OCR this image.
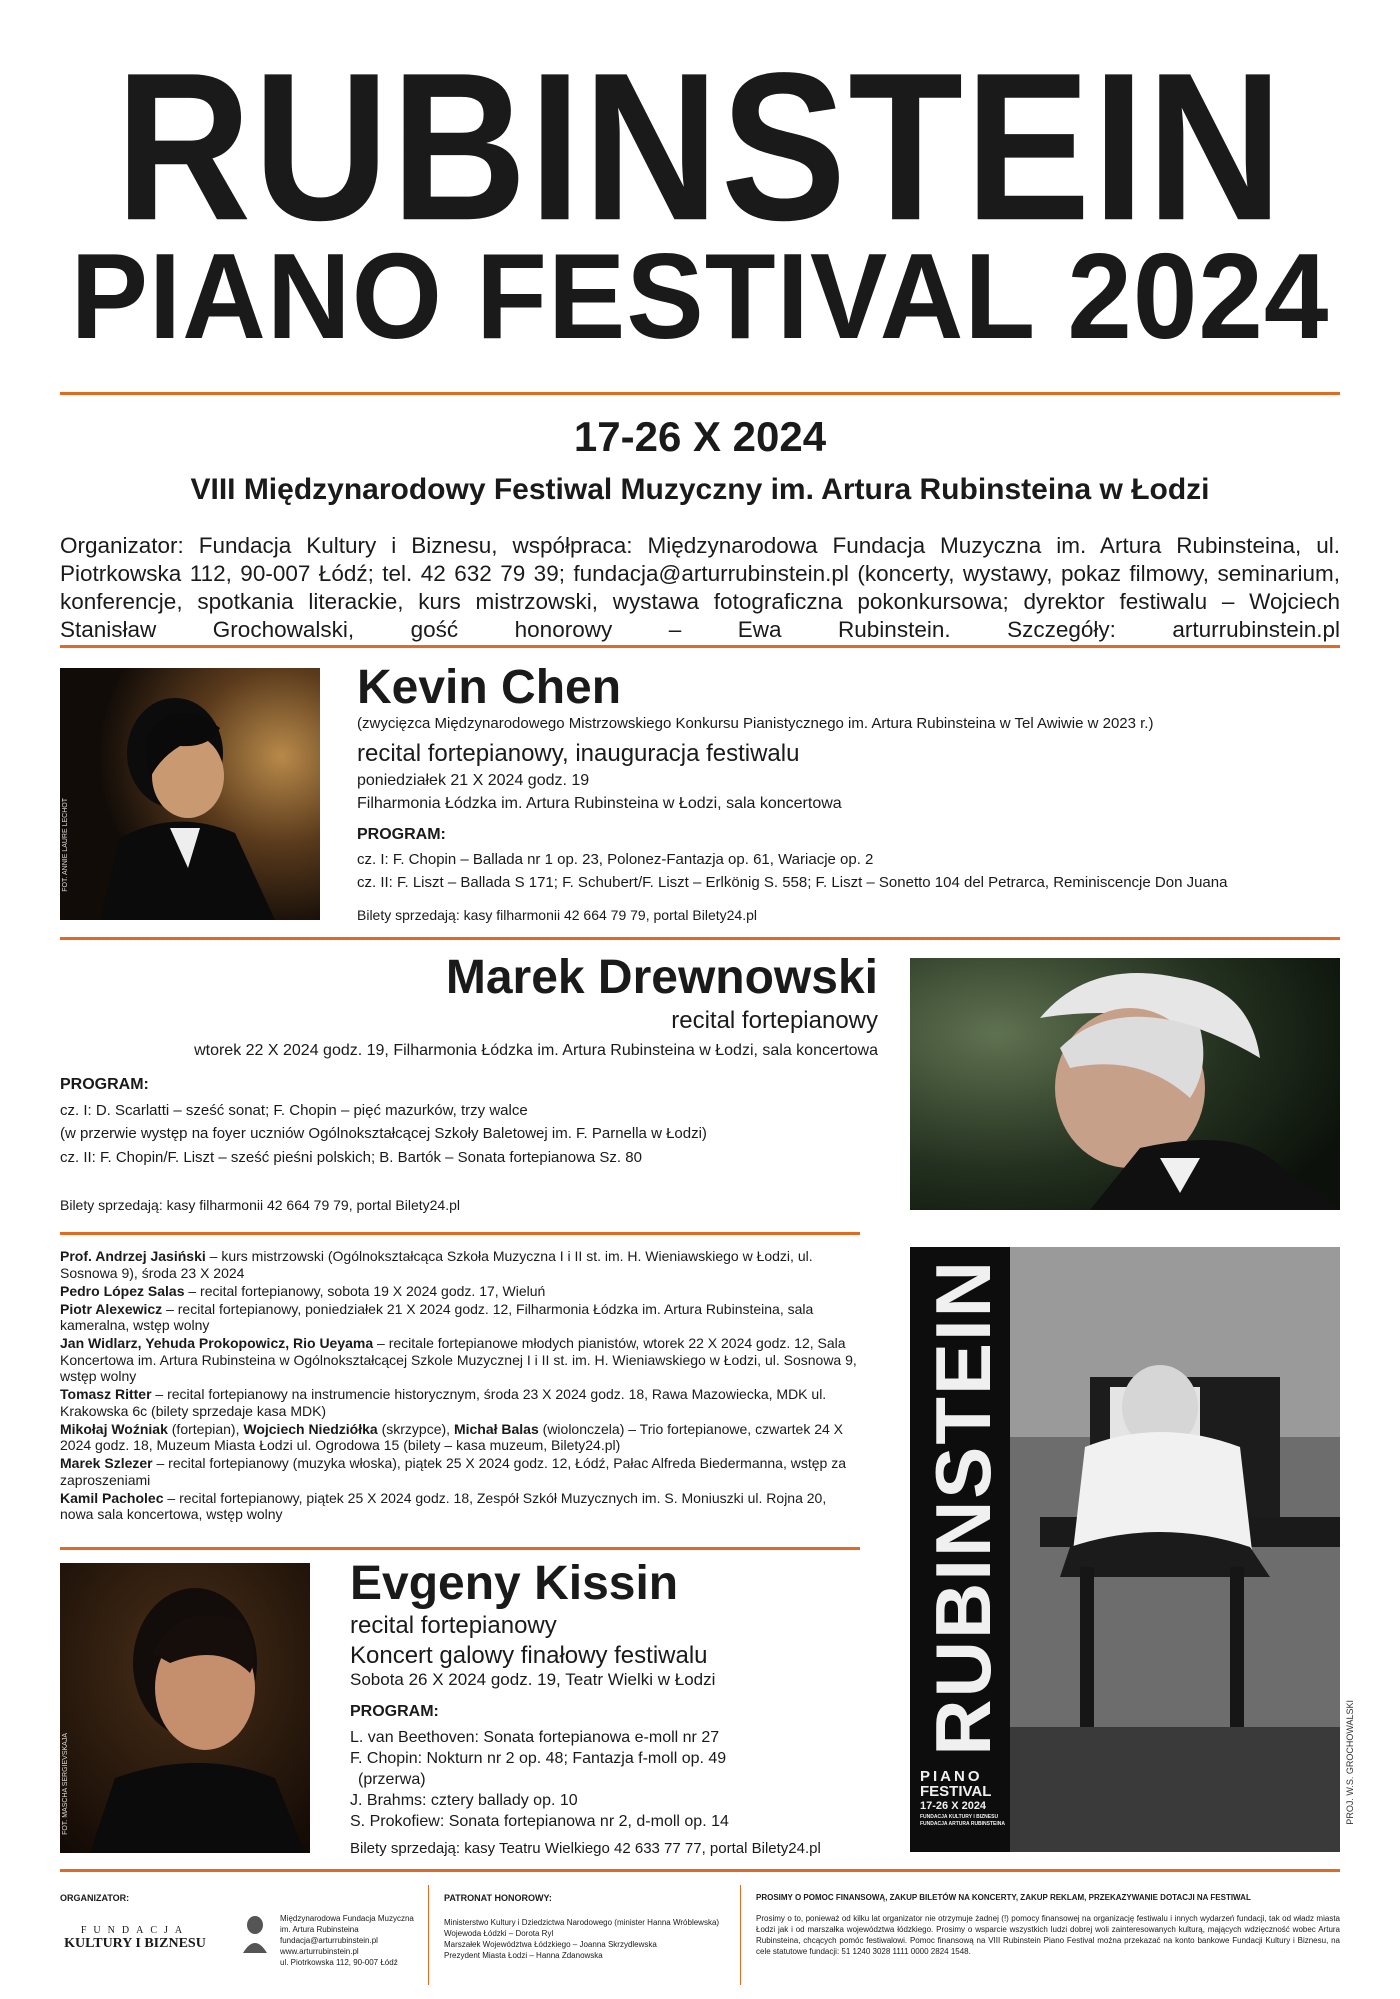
RUBINSTEIN
PIANO FESTIVAL 2024
17-26 X 2024
VIII Międzynarodowy Festiwal Muzyczny im. Artura Rubinsteina w Łodzi
Organizator: Fundacja Kultury i Biznesu, współpraca: Międzynarodowa Fundacja Muzyczna im. Artura Rubinsteina, ul. Piotrkowska 112, 90-007 Łódź; tel. 42 632 79 39; fundacja@arturrubinstein.pl (koncerty, wystawy, pokaz filmowy, seminarium, konferencje, spotkania literackie, kurs mistrzowski, wystawa fotograficzna pokonkursowa; dyrektor festiwalu – Wojciech Stanisław Grochowalski, gość honorowy – Ewa Rubinstein. Szczegóły: arturrubinstein.pl
FOT. ANNIE LAURE LECHOT
Kevin Chen
(zwycięzca Międzynarodowego Mistrzowskiego Konkursu Pianistycznego im. Artura Rubinsteina w Tel Awiwie w 2023 r.)
recital fortepianowy, inauguracja festiwalu
poniedziałek 21 X 2024 godz. 19
Filharmonia Łódzka im. Artura Rubinsteina w Łodzi, sala koncertowa
PROGRAM:
cz. I: F. Chopin – Ballada nr 1 op. 23, Polonez-Fantazja op. 61, Wariacje op. 2
cz. II: F. Liszt – Ballada S 171; F. Schubert/F. Liszt – Erlkönig S. 558; F. Liszt – Sonetto 104 del Petrarca, Reminiscencje Don Juana
Bilety sprzedają: kasy filharmonii 42 664 79 79, portal Bilety24.pl
Marek Drewnowski
recital fortepianowy
wtorek 22 X 2024 godz. 19, Filharmonia Łódzka im. Artura Rubinsteina w Łodzi, sala koncertowa
PROGRAM:
cz. I: D. Scarlatti – sześć sonat; F. Chopin – pięć mazurków, trzy walce
(w przerwie występ na foyer uczniów Ogólnokształcącej Szkoły Baletowej im. F. Parnella w Łodzi)
cz. II: F. Chopin/F. Liszt – sześć pieśni polskich; B. Bartók – Sonata fortepianowa Sz. 80
Bilety sprzedają: kasy filharmonii 42 664 79 79, portal Bilety24.pl
Prof. Andrzej Jasiński – kurs mistrzowski (Ogólnokształcąca Szkoła Muzyczna I i II st. im. H. Wieniawskiego w Łodzi, ul. Sosnowa 9), środa 23 X 2024
Pedro López Salas – recital fortepianowy, sobota 19 X 2024 godz. 17, Wieluń
Piotr Alexewicz – recital fortepianowy, poniedziałek 21 X 2024 godz. 12, Filharmonia Łódzka im. Artura Rubinsteina, sala kameralna, wstęp wolny
Jan Widlarz, Yehuda Prokopowicz, Rio Ueyama – recitale fortepianowe młodych pianistów, wtorek 22 X 2024 godz. 12, Sala Koncertowa im. Artura Rubinsteina w Ogólnokształcącej Szkole Muzycznej I i II st. im. H. Wieniawskiego w Łodzi, ul. Sosnowa 9, wstęp wolny
Tomasz Ritter – recital fortepianowy na instrumencie historycznym, środa 23 X 2024 godz. 18, Rawa Mazowiecka, MDK ul. Krakowska 6c (bilety sprzedaje kasa MDK)
Mikołaj Woźniak (fortepian), Wojciech Niedziółka (skrzypce), Michał Balas (wiolonczela) – Trio fortepianowe, czwartek 24 X 2024 godz. 18, Muzeum Miasta Łodzi ul. Ogrodowa 15 (bilety – kasa muzeum, Bilety24.pl)
Marek Szlezer – recital fortepianowy (muzyka włoska), piątek 25 X 2024 godz. 12, Łódź, Pałac Alfreda Biedermanna, wstęp za zaproszeniami
Kamil Pacholec – recital fortepianowy, piątek 25 X 2024 godz. 18, Zespół Szkół Muzycznych im. S. Moniuszki ul. Rojna 20, nowa sala koncertowa, wstęp wolny
FOT. MASCHA SERGIEVSKAJA
Evgeny Kissin
recital fortepianowy
Koncert galowy finałowy festiwalu
Sobota 26 X 2024 godz. 19, Teatr Wielki w Łodzi
PROGRAM:
L. van Beethoven: Sonata fortepianowa e-moll nr 27
F. Chopin: Nokturn nr 2 op. 48; Fantazja f-moll op. 49
(przerwa)
J. Brahms: cztery ballady op. 10
S. Prokofiew: Sonata fortepianowa nr 2, d-moll op. 14
Bilety sprzedają: kasy Teatru Wielkiego 42 633 77 77, portal Bilety24.pl
RUBINSTEIN
PIANO
FESTIVAL
17-26 X 2024
FUNDACJA KULTURY I BIZNESU
FUNDACJA ARTURA RUBINSTEINA	PROJ. W.S. GROCHOWALSKI
ORGANIZATOR:
FUNDACJA
KULTURY I BIZNESU
Międzynarodowa Fundacja Muzyczna
im. Artura Rubinsteina
fundacja@arturrubinstein.pl
www.arturrubinstein.pl
ul. Piotrkowska 112, 90-007 Łódź
PATRONAT HONOROWY:
Ministerstwo Kultury i Dziedzictwa Narodowego (minister Hanna Wróblewska)
Wojewoda Łódzki – Dorota Ryl
Marszałek Województwa Łódzkiego – Joanna Skrzydlewska
Prezydent Miasta Łodzi – Hanna Zdanowska
PROSIMY O POMOC FINANSOWĄ, ZAKUP BILETÓW NA KONCERTY, ZAKUP REKLAM, PRZEKAZYWANIE DOTACJI NA FESTIWAL
Prosimy o to, ponieważ od kilku lat organizator nie otrzymuje żadnej (!) pomocy finansowej na organizację festiwalu i innych wydarzeń fundacji, tak od władz miasta Łodzi jak i od marszałka województwa łódzkiego. Prosimy o wsparcie wszystkich ludzi dobrej woli zainteresowanych kulturą, mających wdzięczność wobec Artura Rubinsteina, chcących pomóc festiwalowi. Pomoc finansową na VIII Rubinstein Piano Festival można przekazać na konto bankowe Fundacji Kultury i Biznesu, na cele statutowe fundacji: 51 1240 3028 1111 0000 2824 1548.
